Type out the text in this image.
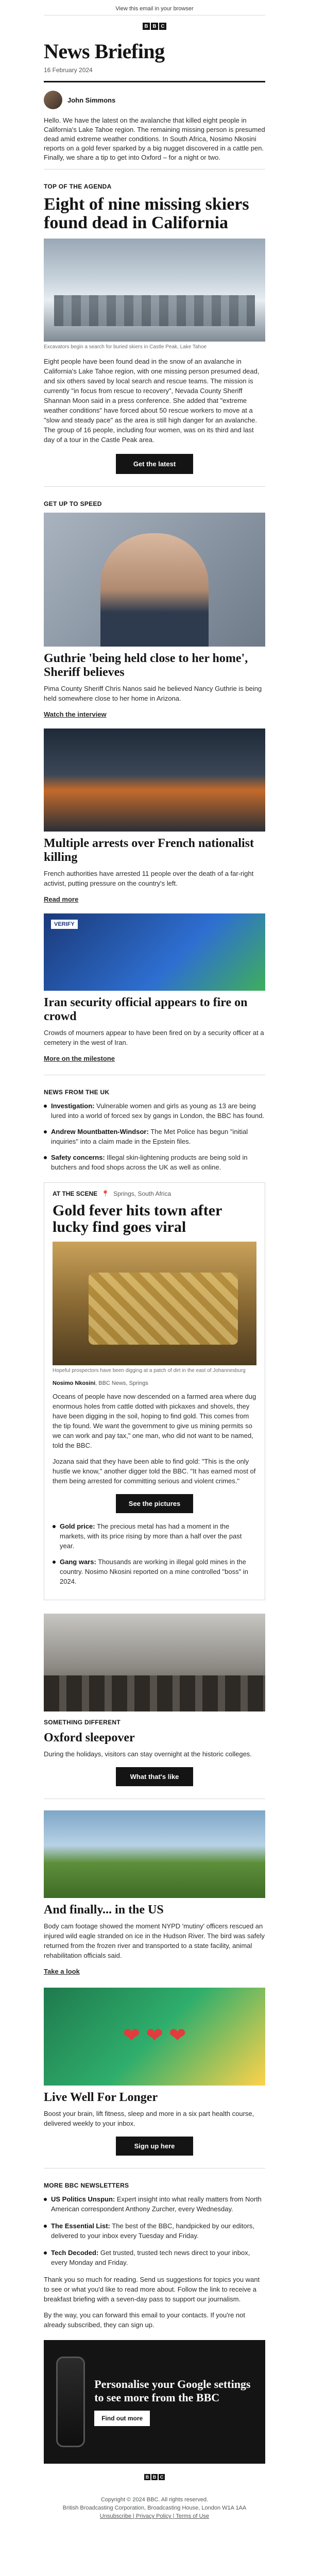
View this email in your browser
B B C
News Briefing
16 February 2024
John Simmons

Hello. We have the latest on the avalanche that killed eight people in California's Lake Tahoe region. The remaining missing person is presumed dead amid extreme weather conditions. In South Africa, Nosimo Nkosini reports on a gold fever sparked by a big nugget discovered in a cattle pen. Finally, we share a tip to get into Oxford – for a night or two.

TOP OF THE AGENDA
Eight of nine missing skiers found dead in California
Excavators begin a search for buried skiers in Castle Peak, Lake Tahoe

Eight people have been found dead in the snow of an avalanche in California's Lake Tahoe region, with one missing person presumed dead, and six others saved by local search and rescue teams. The mission is currently "in focus from rescue to recovery", Nevada County Sheriff Shannan Moon said in a press conference. She added that "extreme weather conditions" have forced about 50 rescue workers to move at a "slow and steady pace" as the area is still high danger for an avalanche. The group of 16 people, including four women, was on its third and last day of a tour in the Castle Peak area.

Get the latest
GET UP TO SPEED
Guthrie 'being held close to her home', Sheriff believes

Pima County Sheriff Chris Nanos said he believed Nancy Guthrie is being held somewhere close to her home in Arizona.

Watch the interview

Multiple arrests over French nationalist killing

French authorities have arrested 11 people over the death of a far-right activist, putting pressure on the country's left.

Read more

VERIFY
Iran security official appears to fire on crowd

Crowds of mourners appear to have been fired on by a security officer at a cemetery in the west of Iran.

More on the milestone

NEWS FROM THE UK
Investigation: Vulnerable women and girls as young as 13 are being lured into a world of forced sex by gangs in London, the BBC has found.
Andrew Mountbatten-Windsor: The Met Police has begun "initial inquiries" into a claim made in the Epstein files.
Safety concerns: Illegal skin-lightening products are being sold in butchers and food shops across the UK as well as online.
AT THE SCENE 📍 Springs, South Africa
Gold fever hits town after lucky find goes viral
Hopeful prospectors have been digging at a patch of dirt in the east of Johannesburg
Nosimo Nkosini, BBC News, Springs

Oceans of people have now descended on a farmed area where dug enormous holes from cattle dotted with pickaxes and shovels, they have been digging in the soil, hoping to find gold. This comes from the tip found. We want the government to give us mining permits so we can work and pay tax," one man, who did not want to be named, told the BBC.

Jozana said that they have been able to find gold: "This is the only hustle we know," another digger told the BBC. "It has earned most of them being arrested for committing serious and violent crimes."

See the pictures
Gold price: The precious metal has had a moment in the markets, with its price rising by more than a half over the past year.
Gang wars: Thousands are working in illegal gold mines in the country. Nosimo Nkosini reported on a mine controlled "boss" in 2024.
SOMETHING DIFFERENT
Oxford sleepover

During the holidays, visitors can stay overnight at the historic colleges.

What that's like
And finally... in the US

Body cam footage showed the moment NYPD 'mutiny' officers rescued an injured wild eagle stranded on ice in the Hudson River. The bird was safely returned from the frozen river and transported to a state facility, animal rehabilitation officials said.

Take a look

❤ ❤ ❤
Live Well For Longer

Boost your brain, lift fitness, sleep and more in a six part health course, delivered weekly to your inbox.

Sign up here
MORE BBC NEWSLETTERS
US Politics Unspun: Expert insight into what really matters from North American correspondent Anthony Zurcher, every Wednesday.
The Essential List: The best of the BBC, handpicked by our editors, delivered to your inbox every Tuesday and Friday.
Tech Decoded: Get trusted, trusted tech news direct to your inbox, every Monday and Friday.

Thank you so much for reading. Send us suggestions for topics you want to see or what you'd like to read more about. Follow the link to receive a breakfast briefing with a seven-day pass to support our journalism.

By the way, you can forward this email to your contacts. If you're not already subscribed, they can sign up.

Personalise your Google settings to see more from the BBC
Find out more
B B C
Copyright © 2024 BBC. All rights reserved.
British Broadcasting Corporation, Broadcasting House, London W1A 1AA
Unsubscribe | Privacy Policy | Terms of Use
